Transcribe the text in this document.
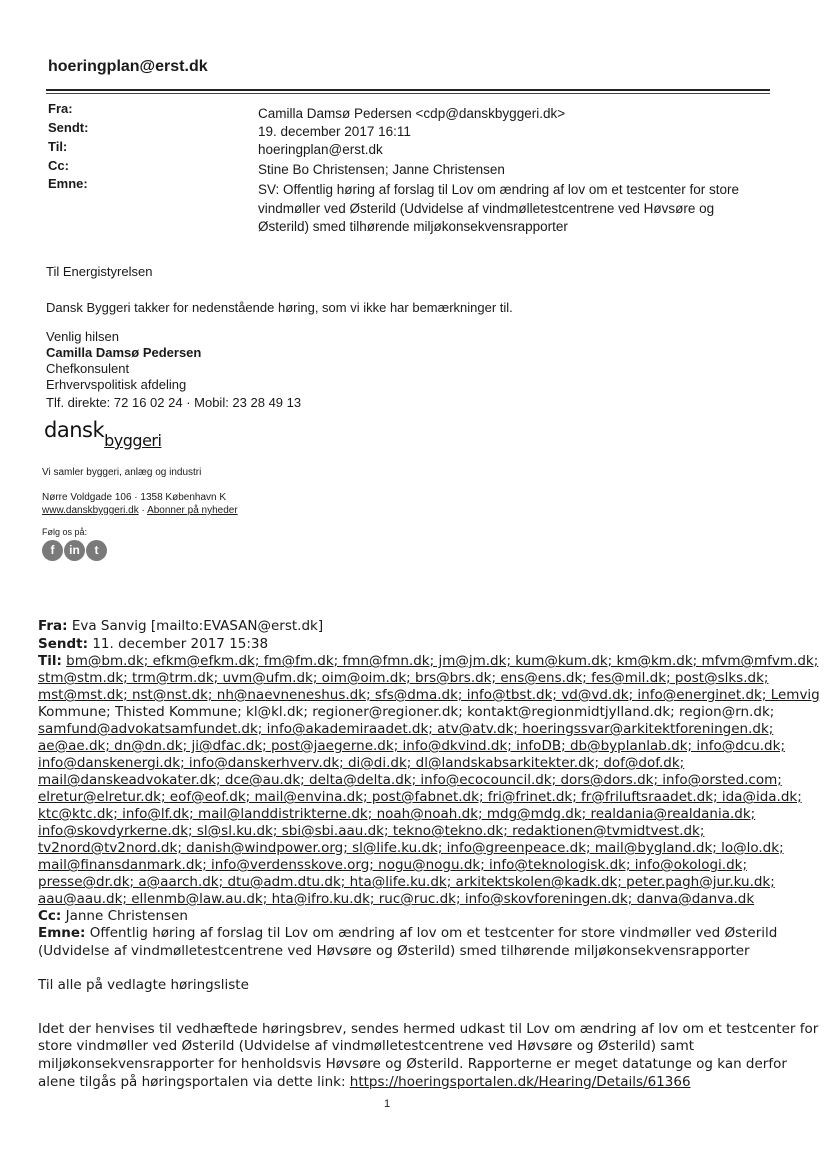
hoeringplan@erst.dk
Fra:
Sendt:
Til:
Cc:
Emne:
Camilla Damsø Pedersen <cdp@danskbyggeri.dk>
19. december 2017 16:11
hoeringplan@erst.dk
Stine Bo Christensen; Janne Christensen
SV: Offentlig høring af forslag til Lov om ændring af lov om et testcenter for store
vindmøller ved Østerild (Udvidelse af vindmølletestcentrene ved Høvsøre og
Østerild) smed tilhørende miljøkonsekvensrapporter
Til Energistyrelsen
Dansk Byggeri takker for nedenstående høring, som vi ikke har bemærkninger til.
Venlig hilsen
Camilla Damsø Pedersen
Chefkonsulent
Erhvervspolitisk afdeling
Tlf. direkte: 72 16 02 24 · Mobil: 23 28 49 13
dansk$_{byggeri}$
Vi samler byggeri, anlæg og industri
Nørre Voldgade 106 · 1358 København K
www.danskbyggeri.dk · Abonner på nyheder
Følg os på:
f	in	t
Fra: Eva Sanvig [mailto:EVASAN@erst.dk]
Sendt: 11. december 2017 15:38
Til: bm@bm.dk; efkm@efkm.dk; fm@fm.dk; fmn@fmn.dk; jm@jm.dk; kum@kum.dk; km@km.dk; mfvm@mfvm.dk;
stm@stm.dk; trm@trm.dk; uvm@ufm.dk; oim@oim.dk; brs@brs.dk; ens@ens.dk; fes@mil.dk; post@slks.dk;
mst@mst.dk; nst@nst.dk; nh@naevneneshus.dk; sfs@dma.dk; info@tbst.dk; vd@vd.dk; info@energinet.dk; Lemvig
Kommune; Thisted Kommune; kl@kl.dk; regioner@regioner.dk; kontakt@regionmidtjylland.dk; region@rn.dk;
samfund@advokatsamfundet.dk; info@akademiraadet.dk; atv@atv.dk; hoeringssvar@arkitektforeningen.dk;
ae@ae.dk; dn@dn.dk; ji@dfac.dk; post@jaegerne.dk; info@dkvind.dk; infoDB; db@byplanlab.dk; info@dcu.dk;
info@danskenergi.dk; info@danskerhverv.dk; di@di.dk; dl@landskabsarkitekter.dk; dof@dof.dk;
mail@danskeadvokater.dk; dce@au.dk; delta@delta.dk; info@ecocouncil.dk; dors@dors.dk; info@orsted.com;
elretur@elretur.dk; eof@eof.dk; mail@envina.dk; post@fabnet.dk; fri@frinet.dk; fr@friluftsraadet.dk; ida@ida.dk;
ktc@ktc.dk; info@lf.dk; mail@landdistrikterne.dk; noah@noah.dk; mdg@mdg.dk; realdania@realdania.dk;
info@skovdyrkerne.dk; sl@sl.ku.dk; sbi@sbi.aau.dk; tekno@tekno.dk; redaktionen@tvmidtvest.dk;
tv2nord@tv2nord.dk; danish@windpower.org; sl@life.ku.dk; info@greenpeace.dk; mail@bygland.dk; lo@lo.dk;
mail@finansdanmark.dk; info@verdensskove.org; nogu@nogu.dk; info@teknologisk.dk; info@okologi.dk;
presse@dr.dk; a@aarch.dk; dtu@adm.dtu.dk; hta@life.ku.dk; arkitektskolen@kadk.dk; peter.pagh@jur.ku.dk;
aau@aau.dk; ellenmb@law.au.dk; hta@ifro.ku.dk; ruc@ruc.dk; info@skovforeningen.dk; danva@danva.dk
Cc: Janne Christensen
Emne: Offentlig høring af forslag til Lov om ændring af lov om et testcenter for store vindmøller ved Østerild
(Udvidelse af vindmølletestcentrene ved Høvsøre og Østerild) smed tilhørende miljøkonsekvensrapporter
Til alle på vedlagte høringsliste
Idet der henvises til vedhæftede høringsbrev, sendes hermed udkast til Lov om ændring af lov om et testcenter for
store vindmøller ved Østerild (Udvidelse af vindmølletestcentrene ved Høvsøre og Østerild) samt
miljøkonsekvensrapporter for henholdsvis Høvsøre og Østerild. Rapporterne er meget datatunge og kan derfor
alene tilgås på høringsportalen via dette link: https://hoeringsportalen.dk/Hearing/Details/61366
1
